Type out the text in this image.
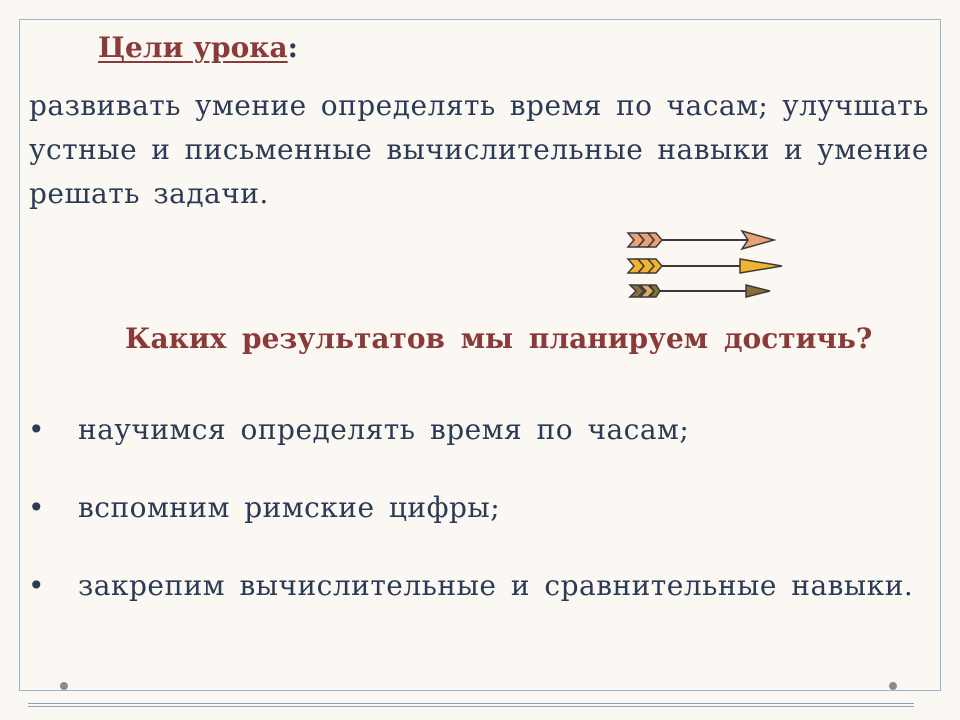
Цели урока:
развивать умение определять время по часам; улучшать устные и письменные вычислительные навыки и умение решать задачи.
Каких результатов мы планируем достичь?
• научимся определять время по часам;
• вспомним римские цифры;
• закрепим вычислительные и сравнительные навыки.
